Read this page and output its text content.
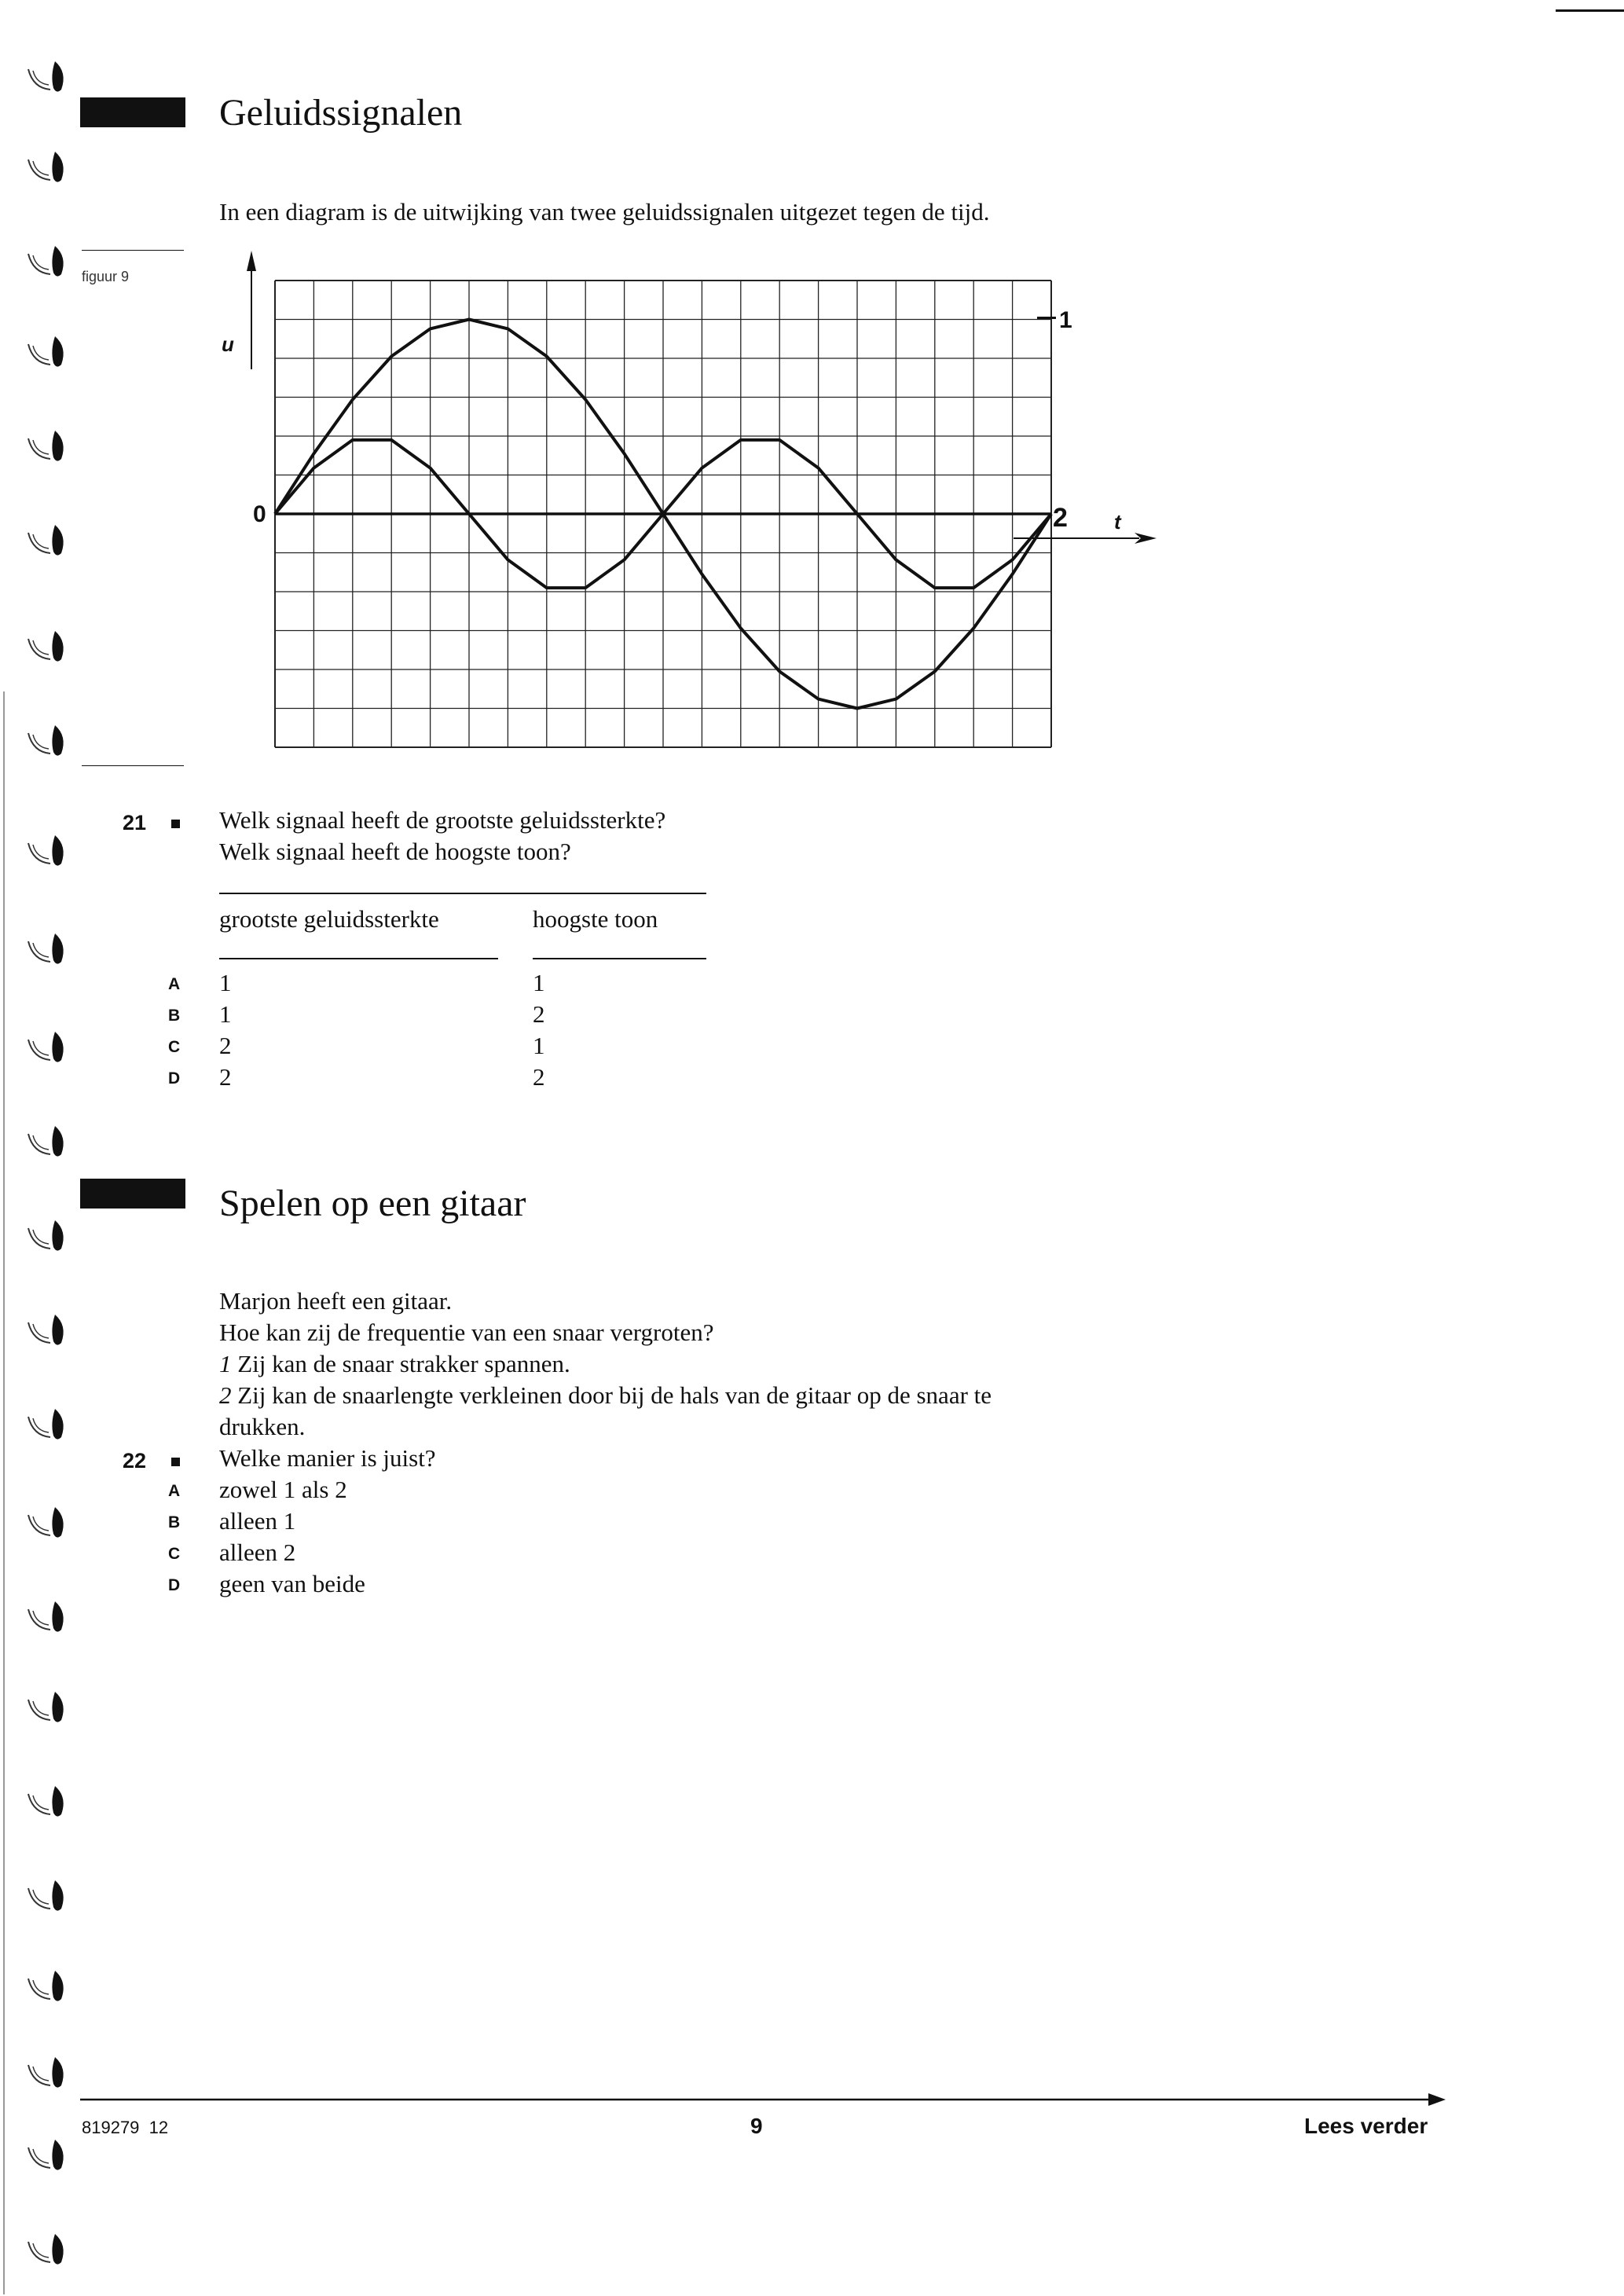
Geluidssignalen
In een diagram is de uitwijking van twee geluidssignalen uitgezet tegen de tijd.
figuur 9
1
2
u
t
0
21	Welk signaal heeft de grootste geluidssterkte?
Welk signaal heeft de hoogste toon?
grootste geluidssterkte	hoogste toon
A 1	1
B 1	2
C 2	1
D 2	2
Spelen op een gitaar
Marjon heeft een gitaar.
Hoe kan zij de frequentie van een snaar vergroten?
1 Zij kan de snaar strakker spannen.
2 Zij kan de snaarlengte verkleinen door bij de hals van de gitaar op de snaar te
drukken.
22	Welke manier is juist?
A zowel 1 als 2
B alleen 1
C alleen 2
D geen van beide
819279  12	9	Lees verder
